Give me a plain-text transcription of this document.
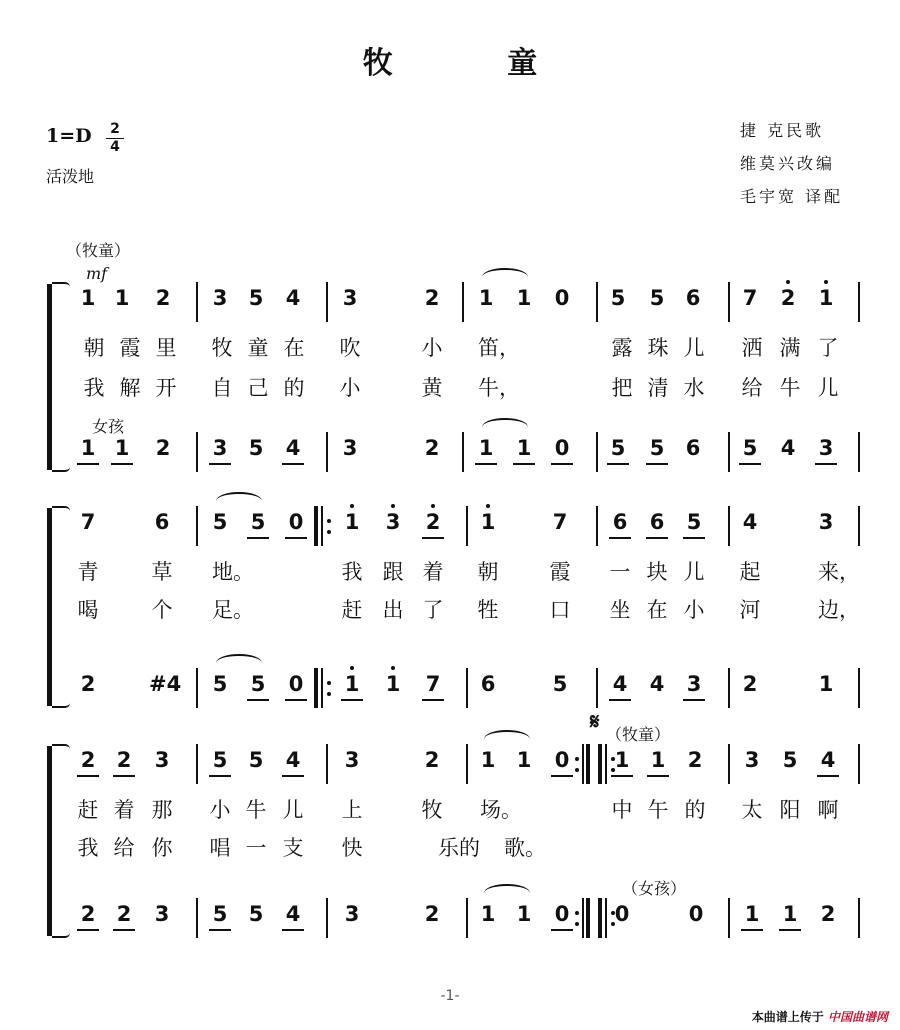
牧 童
1=D	2
4
活泼地
捷 克民歌
维莫兴改编
毛宇宽 译配
（牧童）
mf
女孩
1 1 2 3 5 4 3	2 1 1 0 5 5 6 7 2 1
1 1 2 3 5 4 3	2 1 1 0 5 5 6 5 4 3
朝 霞 里 牧 童 在 吹	小	笛，	露 珠 儿 洒 满 了
我 解 开 自 己 的 小	黄	牛，	把 清 水 给 牛 儿
7	6 5 5 0 1 3 2 1	7 6 6 5 4	3
2	#4 5 5 0 1 1 7 6	5 4 4 3 2	1
青	草	地。	我 跟 着 朝 霞 一 块 儿 起	来，
喝	个	足。	赶 出 了 牲 口 坐 在 小 河	边，
𝄋 （牧童）
（女孩）
2 2 3 5 5 4 3	2 1 1 0 1 1 2 3 5 4
2 2 3 5 5 4 3	2 1 1 0 0	0 1 1 2
赶 着 那 小 牛 儿 上	牧	场。	中 午 的 太 阳 啊
我 给 你 唱 一 支 快	乐的	歌。
-1-
本曲谱上传于 中国曲谱网
